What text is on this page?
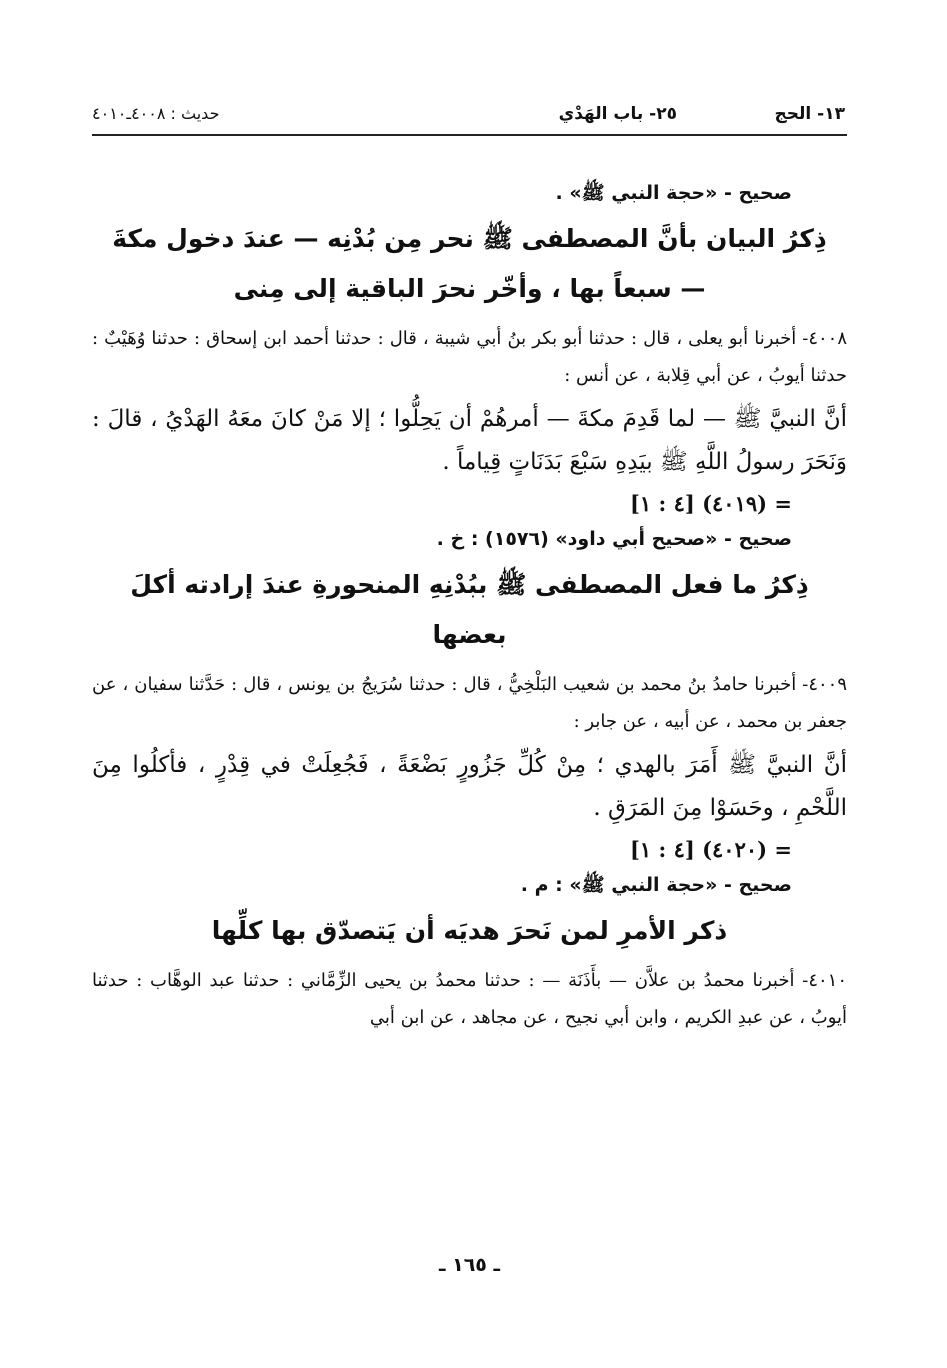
١٣- الحج
٢٥- باب الهَدْي
حديث : ٤٠٠٨ـ٤٠١٠
صحيح - «حجة النبي ﷺ» .
ذِكرُ البيان بأنَّ المصطفى ﷺ نحر مِن بُدْنِه — عندَ دخول مكةَ — سبعاً بها ، وأخّر نحرَ الباقية إلى مِنى

٤٠٠٨- أخبرنا أبو يعلى ، قال : حدثنا أبو بكر بنُ أبي شيبة ، قال : حدثنا أحمد ابن إسحاق : حدثنا وُهَيْبٌ : حدثنا أيوبُ ، عن أبي قِلابة ، عن أنس :

أنَّ النبيَّ ﷺ — لما قَدِمَ مكةَ — أمرهُمْ أن يَحِلُّوا ؛ إلا مَنْ كانَ معَهُ الهَدْيُ ، قالَ : وَنَحَرَ رسولُ اللَّهِ ﷺ بيَدِهِ سَبْعَ بَدَنَاتٍ قِياماً .

= (٤٠١٩) [٤ : ١]
صحيح - «صحيح أبي داود» (١٥٧٦) : خ .
ذِكرُ ما فعل المصطفى ﷺ ببُدْنِهِ المنحورةِ عندَ إرادته أكلَ بعضها

٤٠٠٩- أخبرنا حامدُ بنُ محمد بن شعيب البَلْخِيُّ ، قال : حدثنا سُرَيجُ بن يونس ، قال : حَدَّثنا سفيان ، عن جعفر بن محمد ، عن أبيه ، عن جابر :

أنَّ النبيَّ ﷺ أَمَرَ بالهدي ؛ مِنْ كُلِّ جَزُورٍ بَضْعَةً ، فَجُعِلَتْ في قِدْرٍ ، فأكلُوا مِنَ اللَّحْمِ ، وحَسَوْا مِنَ المَرَقِ .

= (٤٠٢٠) [٤ : ١]
صحيح - «حجة النبي ﷺ» : م .
ذكر الأمرِ لمن نَحرَ هديَه أن يَتصدّق بها كلِّها

٤٠١٠- أخبرنا محمدُ بن علاَّن — بأَذَنَة — : حدثنا محمدُ بن يحيى الزِّمَّاني : حدثنا عبد الوهَّاب : حدثنا أيوبُ ، عن عبدِ الكريم ، وابن أبي نجيح ، عن مجاهد ، عن ابن أبي

ـ ١٦٥ ـ
